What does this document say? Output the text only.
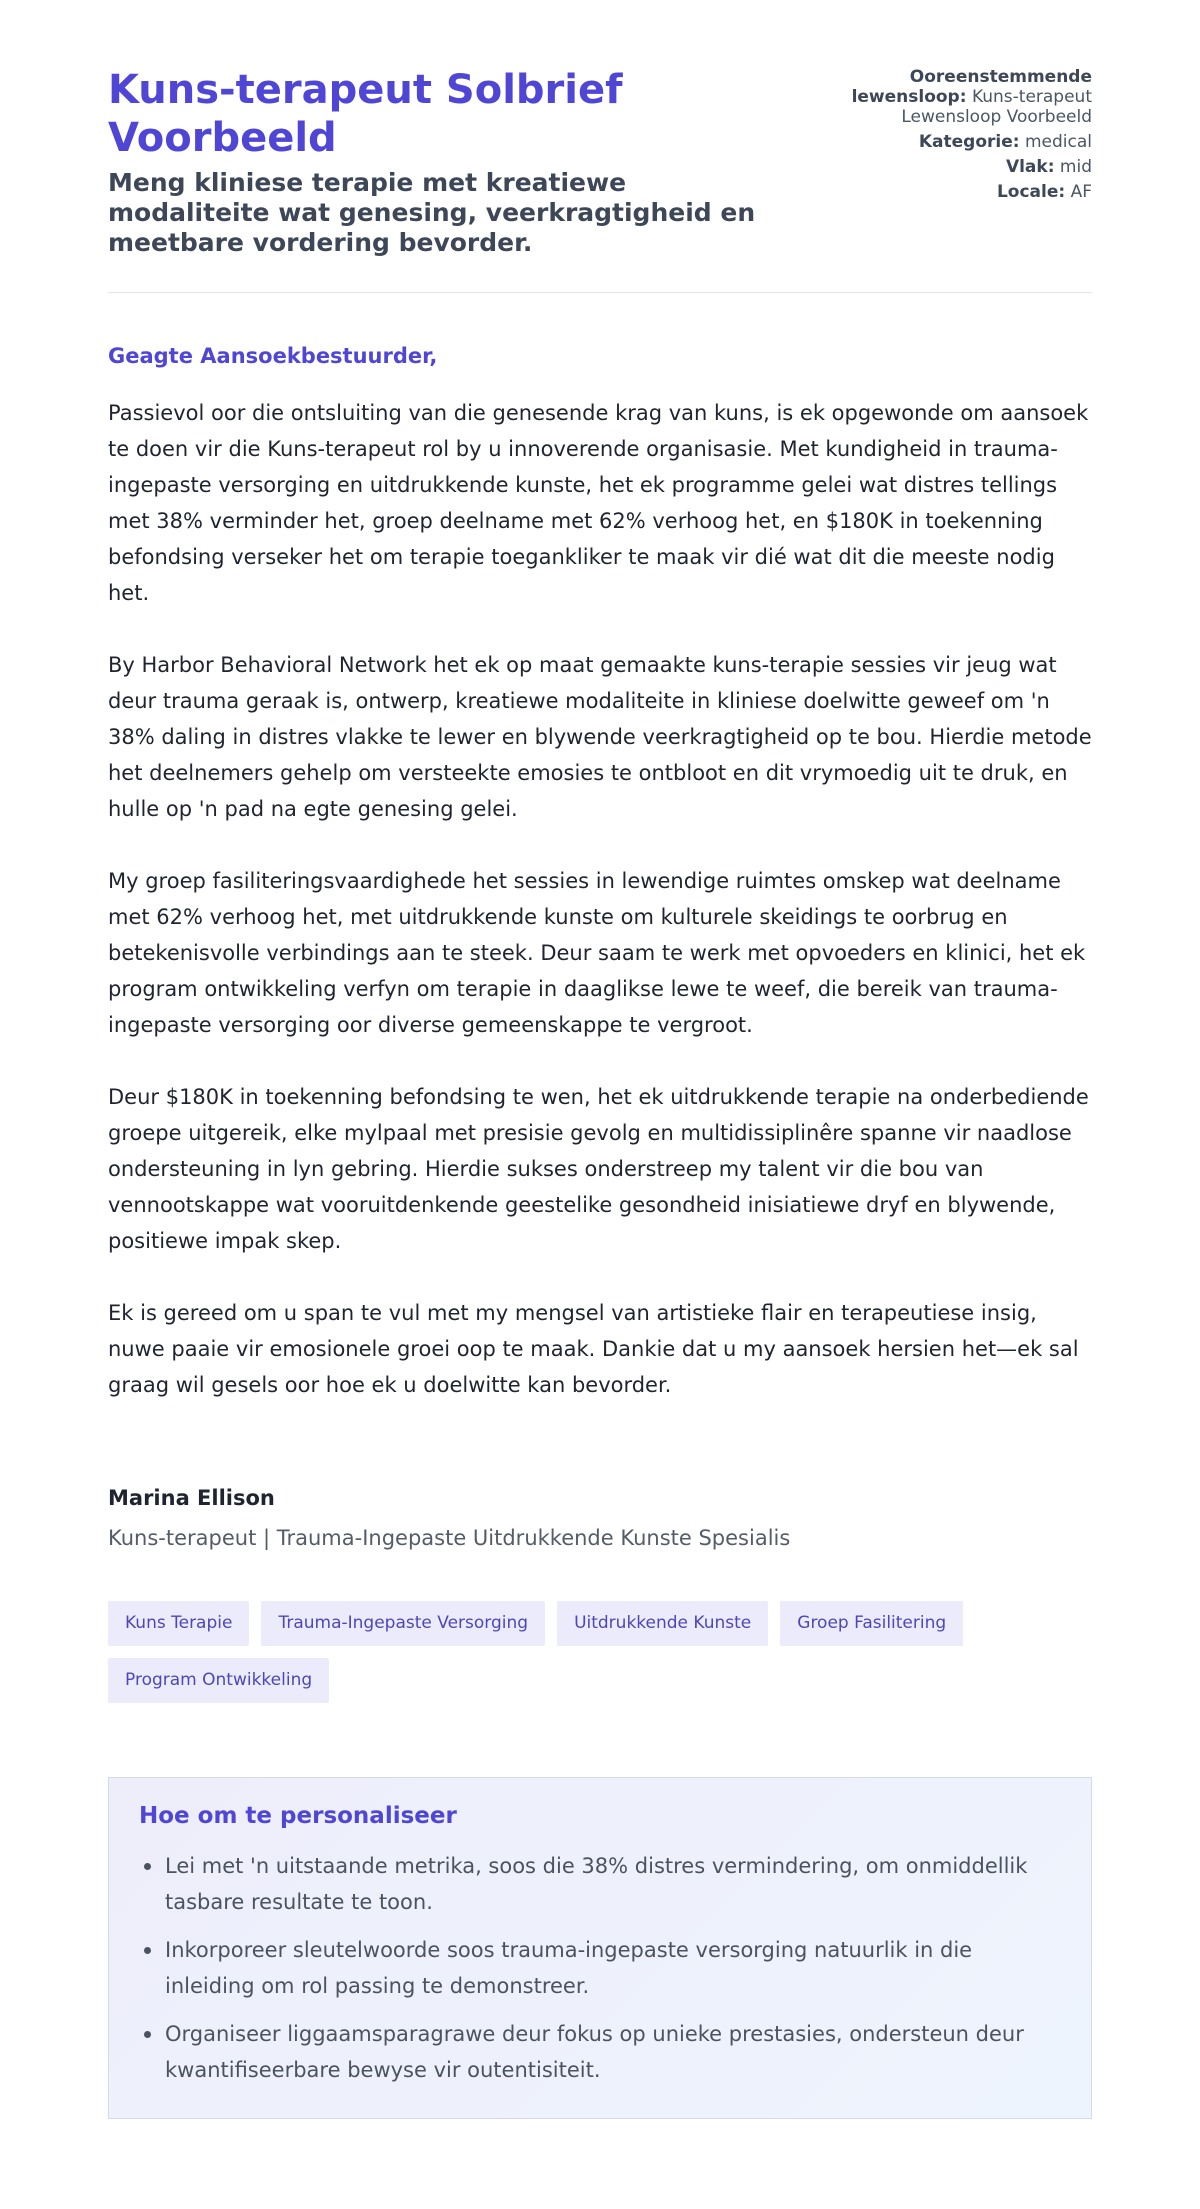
Kuns-terapeut Solbrief Voorbeeld
Meng kliniese terapie met kreatiewe modaliteite wat genesing, veerkragtigheid en meetbare vordering bevorder.
Ooreenstemmende lewensloop: Kuns-terapeut Lewensloop Voorbeeld
Kategorie: medical
Vlak: mid
Locale: AF

Geagte Aansoekbestuurder,

Passievol oor die ontsluiting van die genesende krag van kuns, is ek opgewonde om aansoek te doen vir die Kuns-terapeut rol by u innoverende organisasie. Met kundigheid in trauma-ingepaste versorging en uitdrukkende kunste, het ek programme gelei wat distres tellings met 38% verminder het, groep deelname met 62% verhoog het, en $180K in toekenning befondsing verseker het om terapie toegankliker te maak vir dié wat dit die meeste nodig het.

By Harbor Behavioral Network het ek op maat gemaakte kuns-terapie sessies vir jeug wat deur trauma geraak is, ontwerp, kreatiewe modaliteite in kliniese doelwitte geweef om 'n 38% daling in distres vlakke te lewer en blywende veerkragtigheid op te bou. Hierdie metode het deelnemers gehelp om versteekte emosies te ontbloot en dit vrymoedig uit te druk, en hulle op 'n pad na egte genesing gelei.

My groep fasiliteringsvaardighede het sessies in lewendige ruimtes omskep wat deelname met 62% verhoog het, met uitdrukkende kunste om kulturele skeidings te oorbrug en betekenisvolle verbindings aan te steek. Deur saam te werk met opvoeders en klinici, het ek program ontwikkeling verfyn om terapie in daaglikse lewe te weef, die bereik van trauma-ingepaste versorging oor diverse gemeenskappe te vergroot.

Deur $180K in toekenning befondsing te wen, het ek uitdrukkende terapie na onderbediende groepe uitgereik, elke mylpaal met presisie gevolg en multidissiplinêre spanne vir naadlose ondersteuning in lyn gebring. Hierdie sukses onderstreep my talent vir die bou van vennootskappe wat vooruitdenkende geestelike gesondheid inisiatiewe dryf en blywende, positiewe impak skep.

Ek is gereed om u span te vul met my mengsel van artistieke flair en terapeutiese insig, nuwe paaie vir emosionele groei oop te maak. Dankie dat u my aansoek hersien het—ek sal graag wil gesels oor hoe ek u doelwitte kan bevorder.

Marina Ellison
Kuns-terapeut | Trauma-Ingepaste Uitdrukkende Kunste Spesialis
Kuns Terapie	Trauma-Ingepaste Versorging	Uitdrukkende Kunste	Groep Fasilitering
Program Ontwikkeling
Hoe om te personaliseer
Lei met 'n uitstaande metrika, soos die 38% distres vermindering, om onmiddellik tasbare resultate te toon.
Inkorporeer sleutelwoorde soos trauma-ingepaste versorging natuurlik in die inleiding om rol passing te demonstreer.
Organiseer liggaamsparagrawe deur fokus op unieke prestasies, ondersteun deur kwantifiseerbare bewyse vir outentisiteit.
